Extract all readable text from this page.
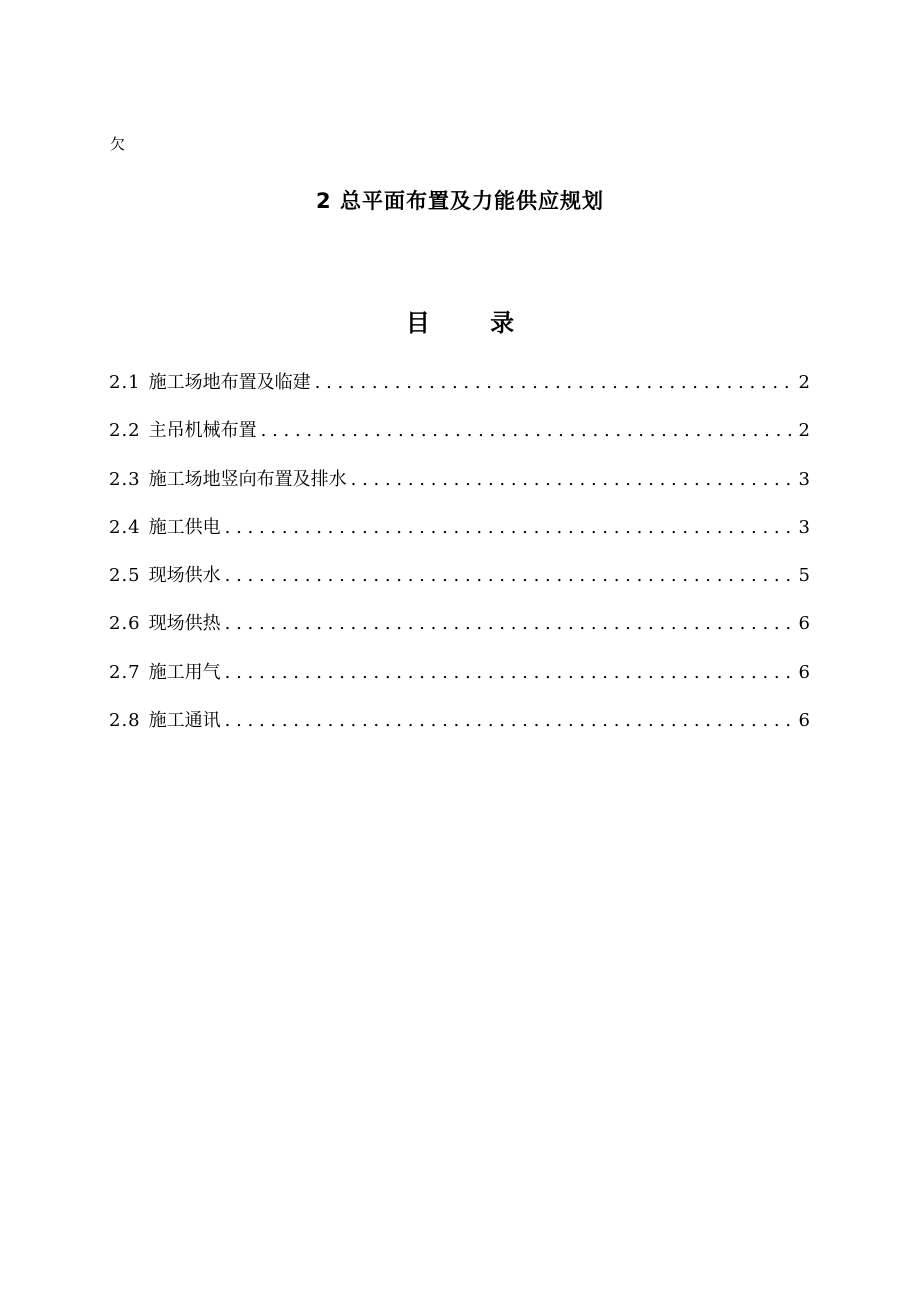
欠
2 总平面布置及力能供应规划
目 录
2.1 施工场地布置及临建 . . .	2
2.2 主吊机械布置 . . .	2
2.3 施工场地竖向布置及排水 . . .	3
2.4 施工供电 . . .	3
2.5 现场供水 . . .	5
2.6 现场供热 . . .	6
2.7 施工用气 . . .	6
2.8 施工通讯 . . .	6
